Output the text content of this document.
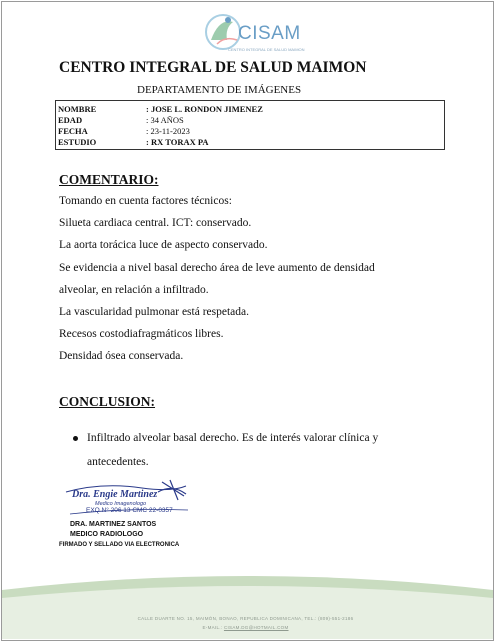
CISAM
CENTRO INTEGRAL DE SALUD MAIMON
CENTRO INTEGRAL DE SALUD MAIMON
DEPARTAMENTO DE IMÁGENES
NOMBRE	: JOSE L. RONDON JIMENEZ
EDAD	: 34 AÑOS
FECHA	: 23-11-2023
ESTUDIO	: RX TORAX PA
COMENTARIO:
Tomando en cuenta factores técnicos:
Silueta cardiaca central. ICT: conservado.
La aorta torácica luce de aspecto conservado.
Se evidencia a nivel basal derecho área de leve aumento de densidad
alveolar, en relación a infiltrado.
La vascularidad pulmonar está respetada.
Recesos costodiafragmáticos libres.
Densidad ósea conservada.
CONCLUSION:
Infiltrado alveolar basal derecho. Es de interés valorar clínica y
antecedentes.
Dra. Engie Martinez
Medico Imagenologo
EXQ N° 206 13 CMC 22-0357
DRA. MARTINEZ SANTOS
MEDICO RADIOLOGO
FIRMADO Y SELLADO VIA ELECTRONICA
CALLE DUARTE NO. 15, MAIMÓN, BONAO, REPUBLICA DOMINICANA, TEL.: (809)-551-2186
E-MAIL.: CISAM.DG@HOTMAIL.COM
